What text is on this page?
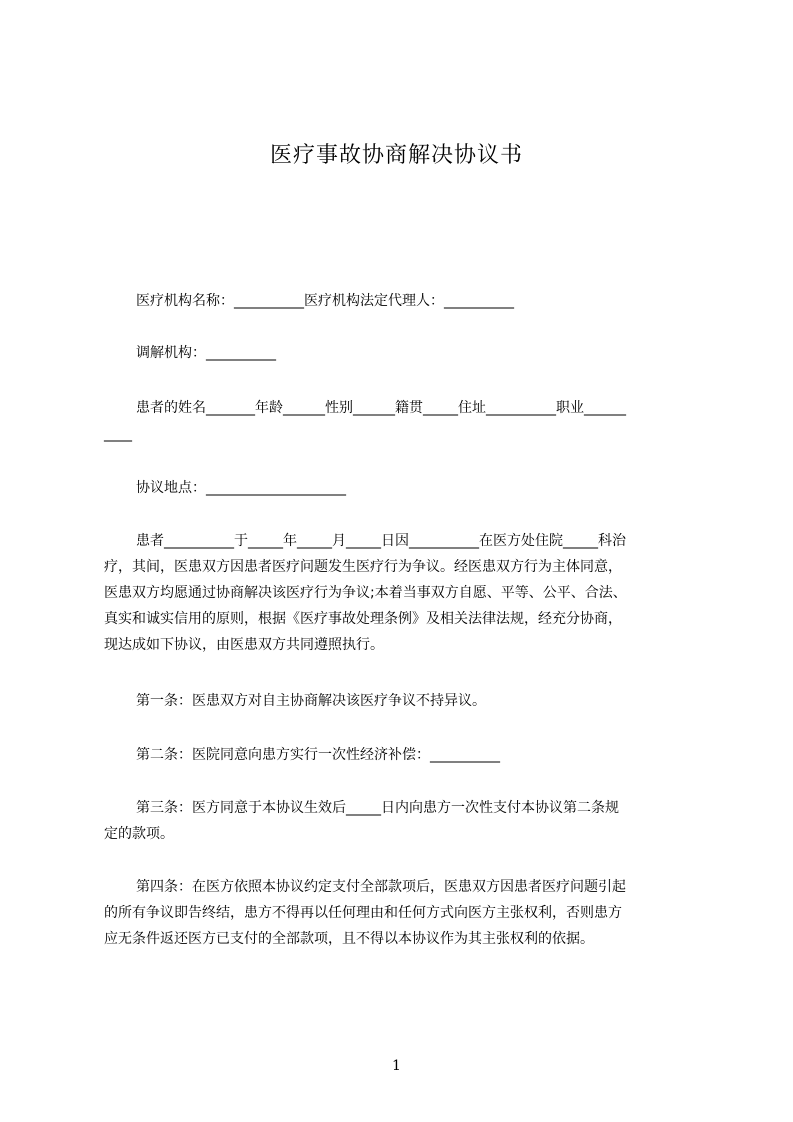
医疗事故协商解决协议书
医疗机构名称：__________医疗机构法定代理人：__________
调解机构：__________
患者的姓名_______年龄______性别______籍贯_____住址__________职业______
____
协议地点：____________________

患者__________于_____年_____月_____日因__________在医方处住院_____科治

疗，其间，医患双方因患者医疗问题发生医疗行为争议。经医患双方行为主体同意，

医患双方均愿通过协商解决该医疗行为争议;本着当事双方自愿、平等、公平、合法、

真实和诚实信用的原则，根据《医疗事故处理条例》及相关法律法规，经充分协商，

现达成如下协议，由医患双方共同遵照执行。

第一条：医患双方对自主协商解决该医疗争议不持异议。
第二条：医院同意向患方实行一次性经济补偿：__________

第三条：医方同意于本协议生效后_____日内向患方一次性支付本协议第二条规

定的款项。

第四条：在医方依照本协议约定支付全部款项后，医患双方因患者医疗问题引起

的所有争议即告终结，患方不得再以任何理由和任何方式向医方主张权利，否则患方

应无条件返还医方已支付的全部款项，且不得以本协议作为其主张权利的依据。

1
